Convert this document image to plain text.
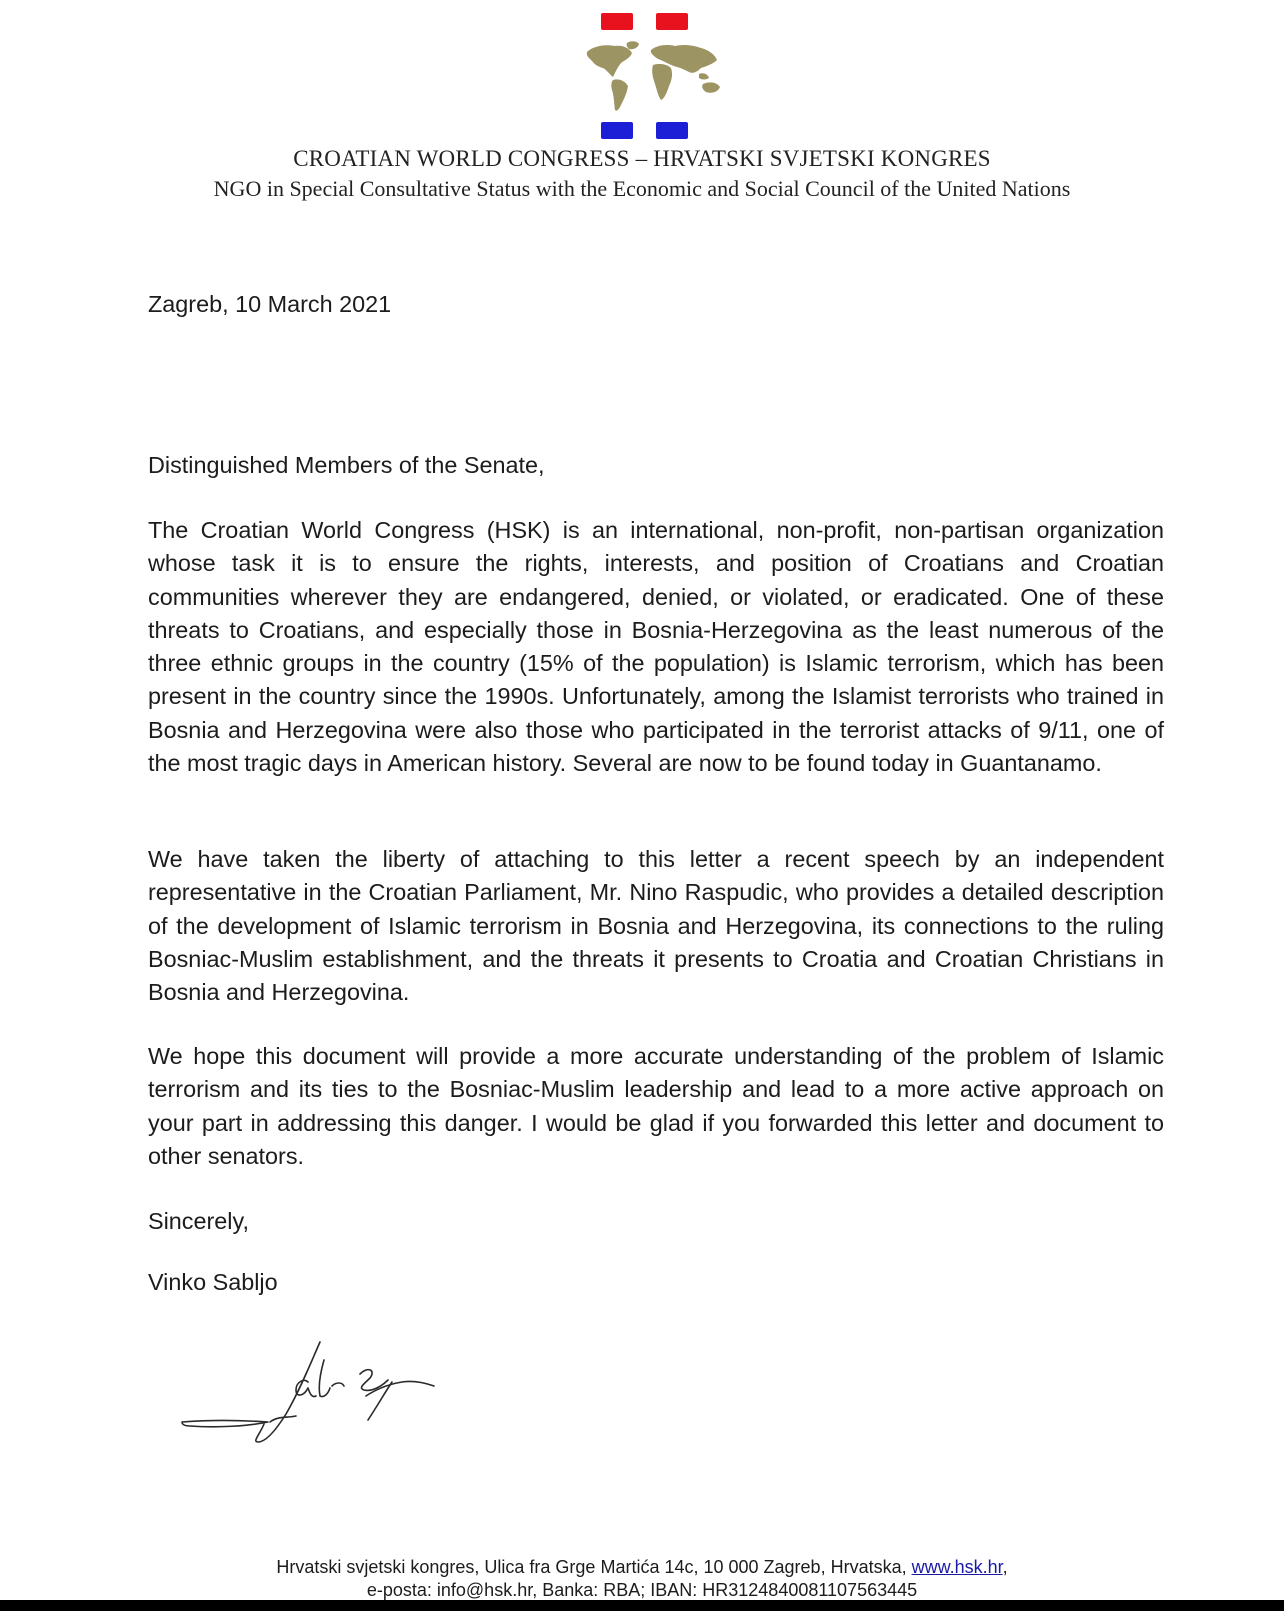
CROATIAN WORLD CONGRESS – HRVATSKI SVJETSKI KONGRES
NGO in Special Consultative Status with the Economic and Social Council of the United Nations
Zagreb, 10 March 2021
Distinguished Members of the Senate,
The Croatian World Congress (HSK) is an international, non-profit, non-partisan organization whose task it is to ensure the rights, interests, and position of Croatians and Croatian communities wherever they are endangered, denied, or violated, or eradicated. One of these threats to Croatians, and especially those in Bosnia-Herzegovina as the least numerous of the three ethnic groups in the country (15% of the population) is Islamic terrorism, which has been present in the country since the 1990s. Unfortunately, among the Islamist terrorists who trained in Bosnia and Herzegovina were also those who participated in the terrorist attacks of 9/11, one of the most tragic days in American history. Several are now to be found today in Guantanamo.
We have taken the liberty of attaching to this letter a recent speech by an independent representative in the Croatian Parliament, Mr. Nino Raspudic, who provides a detailed description of the development of Islamic terrorism in Bosnia and Herzegovina, its connections to the ruling Bosniac-Muslim establishment, and the threats it presents to Croatia and Croatian Christians in Bosnia and Herzegovina.
We hope this document will provide a more accurate understanding of the problem of Islamic terrorism and its ties to the Bosniac-Muslim leadership and lead to a more active approach on your part in addressing this danger. I would be glad if you forwarded this letter and document to other senators.
Sincerely,
Vinko Sabljo
Hrvatski svjetski kongres, Ulica fra Grge Martića 14c, 10 000 Zagreb, Hrvatska, www.hsk.hr,
e-posta: info@hsk.hr, Banka: RBA; IBAN: HR3124840081107563445
